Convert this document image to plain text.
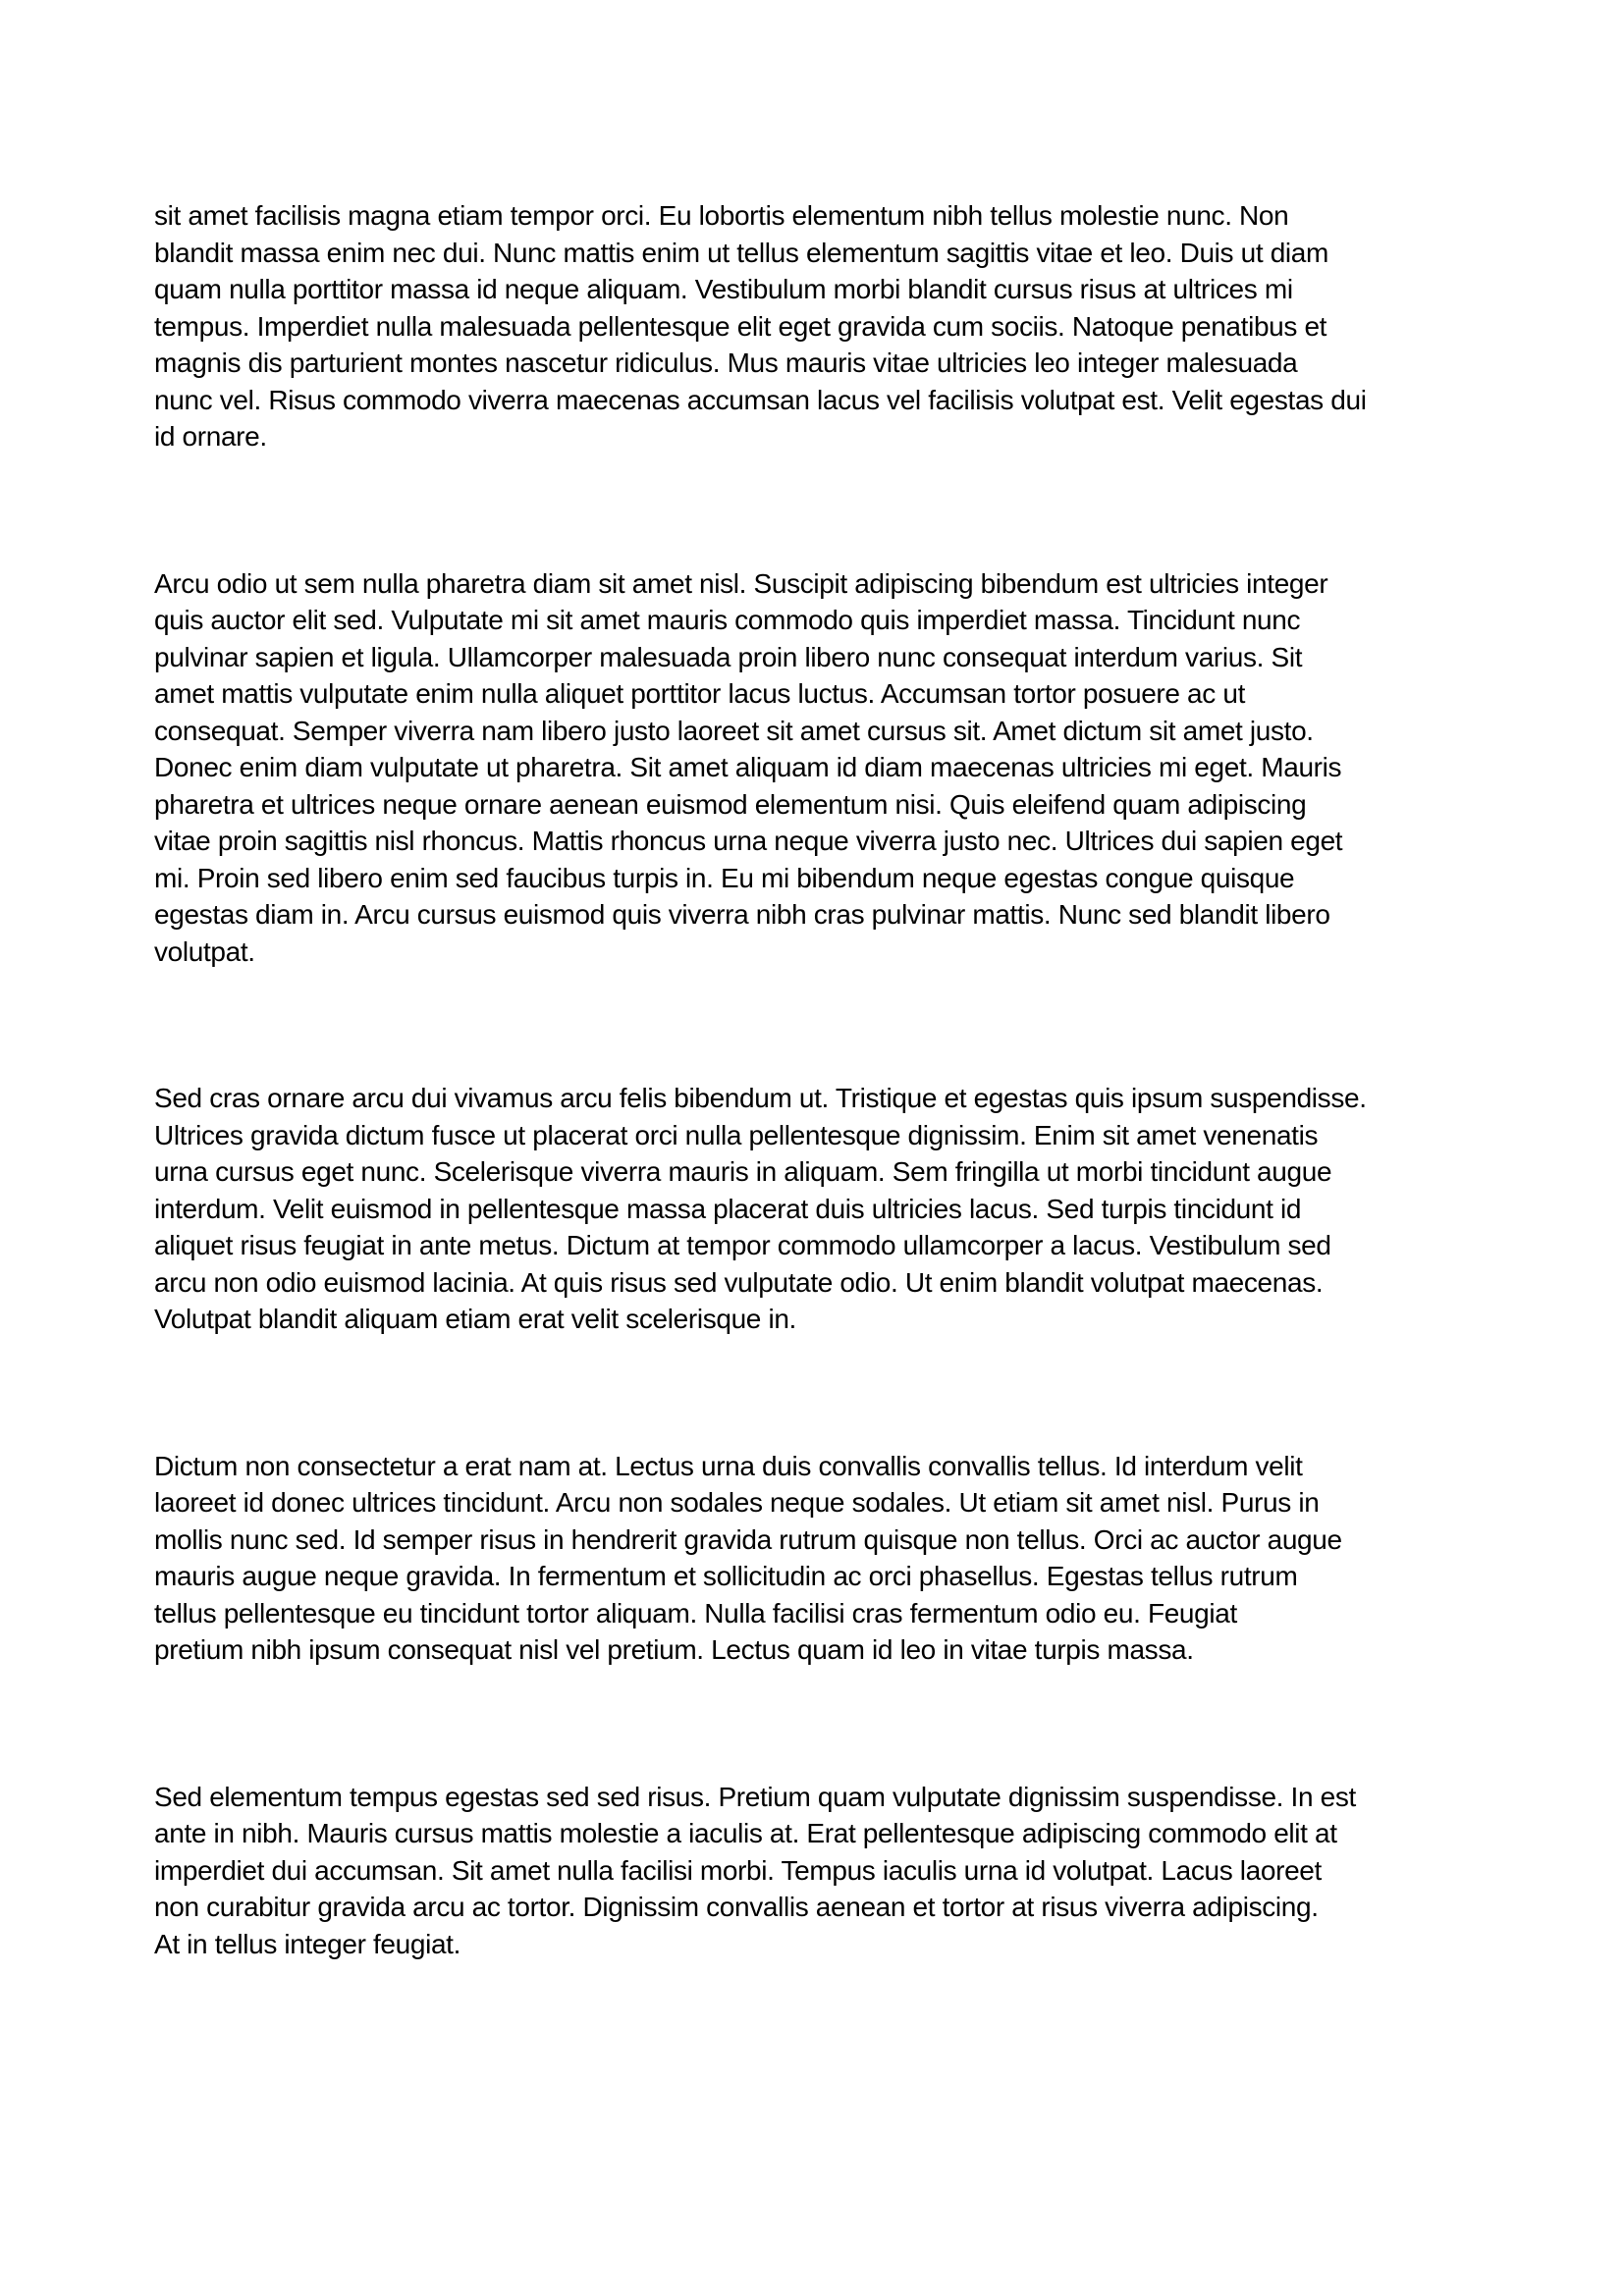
sit amet facilisis magna etiam tempor orci. Eu lobortis elementum nibh tellus molestie nunc. Non
blandit massa enim nec dui. Nunc mattis enim ut tellus elementum sagittis vitae et leo. Duis ut diam
quam nulla porttitor massa id neque aliquam. Vestibulum morbi blandit cursus risus at ultrices mi
tempus. Imperdiet nulla malesuada pellentesque elit eget gravida cum sociis. Natoque penatibus et
magnis dis parturient montes nascetur ridiculus. Mus mauris vitae ultricies leo integer malesuada
nunc vel. Risus commodo viverra maecenas accumsan lacus vel facilisis volutpat est. Velit egestas dui
id ornare.
Arcu odio ut sem nulla pharetra diam sit amet nisl. Suscipit adipiscing bibendum est ultricies integer
quis auctor elit sed. Vulputate mi sit amet mauris commodo quis imperdiet massa. Tincidunt nunc
pulvinar sapien et ligula. Ullamcorper malesuada proin libero nunc consequat interdum varius. Sit
amet mattis vulputate enim nulla aliquet porttitor lacus luctus. Accumsan tortor posuere ac ut
consequat. Semper viverra nam libero justo laoreet sit amet cursus sit. Amet dictum sit amet justo.
Donec enim diam vulputate ut pharetra. Sit amet aliquam id diam maecenas ultricies mi eget. Mauris
pharetra et ultrices neque ornare aenean euismod elementum nisi. Quis eleifend quam adipiscing
vitae proin sagittis nisl rhoncus. Mattis rhoncus urna neque viverra justo nec. Ultrices dui sapien eget
mi. Proin sed libero enim sed faucibus turpis in. Eu mi bibendum neque egestas congue quisque
egestas diam in. Arcu cursus euismod quis viverra nibh cras pulvinar mattis. Nunc sed blandit libero
volutpat.
Sed cras ornare arcu dui vivamus arcu felis bibendum ut. Tristique et egestas quis ipsum suspendisse.
Ultrices gravida dictum fusce ut placerat orci nulla pellentesque dignissim. Enim sit amet venenatis
urna cursus eget nunc. Scelerisque viverra mauris in aliquam. Sem fringilla ut morbi tincidunt augue
interdum. Velit euismod in pellentesque massa placerat duis ultricies lacus. Sed turpis tincidunt id
aliquet risus feugiat in ante metus. Dictum at tempor commodo ullamcorper a lacus. Vestibulum sed
arcu non odio euismod lacinia. At quis risus sed vulputate odio. Ut enim blandit volutpat maecenas.
Volutpat blandit aliquam etiam erat velit scelerisque in.
Dictum non consectetur a erat nam at. Lectus urna duis convallis convallis tellus. Id interdum velit
laoreet id donec ultrices tincidunt. Arcu non sodales neque sodales. Ut etiam sit amet nisl. Purus in
mollis nunc sed. Id semper risus in hendrerit gravida rutrum quisque non tellus. Orci ac auctor augue
mauris augue neque gravida. In fermentum et sollicitudin ac orci phasellus. Egestas tellus rutrum
tellus pellentesque eu tincidunt tortor aliquam. Nulla facilisi cras fermentum odio eu. Feugiat
pretium nibh ipsum consequat nisl vel pretium. Lectus quam id leo in vitae turpis massa.
Sed elementum tempus egestas sed sed risus. Pretium quam vulputate dignissim suspendisse. In est
ante in nibh. Mauris cursus mattis molestie a iaculis at. Erat pellentesque adipiscing commodo elit at
imperdiet dui accumsan. Sit amet nulla facilisi morbi. Tempus iaculis urna id volutpat. Lacus laoreet
non curabitur gravida arcu ac tortor. Dignissim convallis aenean et tortor at risus viverra adipiscing.
At in tellus integer feugiat.
